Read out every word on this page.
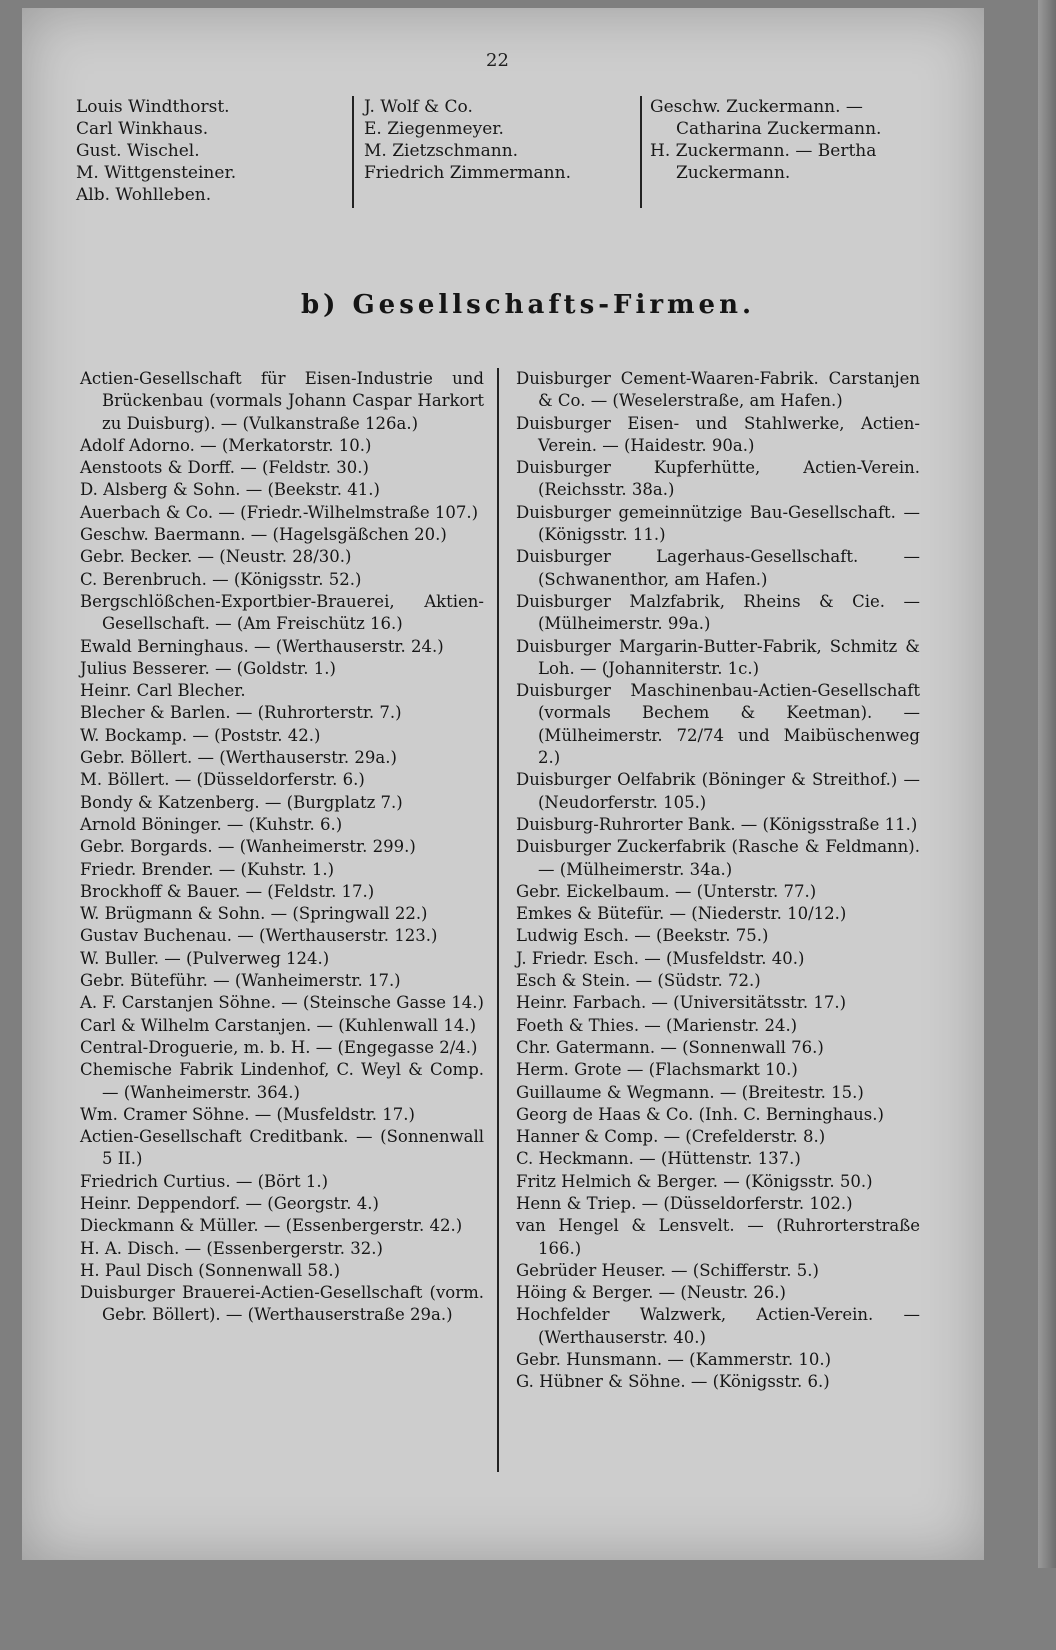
22
Louis Windthorst.
Carl Winkhaus.
Gust. Wischel.
M. Wittgensteiner.
Alb. Wohlleben.
J. Wolf & Co.
E. Ziegenmeyer.
M. Zietzschmann.
Friedrich Zimmermann.
Geschw. Zuckermann. —
Catharina Zuckermann.
H. Zuckermann. — Bertha
Zuckermann.
b) Gesellschafts-Firmen.
Actien-Gesellschaft für Eisen-Industrie und Brückenbau (vormals Johann Caspar Harkort zu Duisburg). — (Vulkanstraße 126a.)
Adolf Adorno. — (Merkatorstr. 10.)
Aenstoots & Dorff. — (Feldstr. 30.)
D. Alsberg & Sohn. — (Beekstr. 41.)
Auerbach & Co. — (Friedr.-Wilhelmstraße 107.)
Geschw. Baermann. — (Hagelsgäßchen 20.)
Gebr. Becker. — (Neustr. 28/30.)
C. Berenbruch. — (Königsstr. 52.)
Bergschlößchen-Exportbier-Brauerei, Aktien-Gesellschaft. — (Am Freischütz 16.)
Ewald Berninghaus. — (Werthauserstr. 24.)
Julius Besserer. — (Goldstr. 1.)
Heinr. Carl Blecher.
Blecher & Barlen. — (Ruhrorterstr. 7.)
W. Bockamp. — (Poststr. 42.)
Gebr. Böllert. — (Werthauserstr. 29a.)
M. Böllert. — (Düsseldorferstr. 6.)
Bondy & Katzenberg. — (Burgplatz 7.)
Arnold Böninger. — (Kuhstr. 6.)
Gebr. Borgards. — (Wanheimerstr. 299.)
Friedr. Brender. — (Kuhstr. 1.)
Brockhoff & Bauer. — (Feldstr. 17.)
W. Brügmann & Sohn. — (Springwall 22.)
Gustav Buchenau. — (Werthauserstr. 123.)
W. Buller. — (Pulverweg 124.)
Gebr. Büteführ. — (Wanheimerstr. 17.)
A. F. Carstanjen Söhne. — (Steinsche Gasse 14.)
Carl & Wilhelm Carstanjen. — (Kuhlenwall 14.)
Central-Droguerie, m. b. H. — (Engegasse 2/4.)
Chemische Fabrik Lindenhof, C. Weyl & Comp. — (Wanheimerstr. 364.)
Wm. Cramer Söhne. — (Musfeldstr. 17.)
Actien-Gesellschaft Creditbank. — (Sonnenwall 5 II.)
Friedrich Curtius. — (Bört 1.)
Heinr. Deppendorf. — (Georgstr. 4.)
Dieckmann & Müller. — (Essenbergerstr. 42.)
H. A. Disch. — (Essenbergerstr. 32.)
H. Paul Disch (Sonnenwall 58.)
Duisburger Brauerei-Actien-Gesellschaft (vorm. Gebr. Böllert). — (Werthauserstraße 29a.)
Duisburger Cement-Waaren-Fabrik. Carstanjen & Co. — (Weselerstraße, am Hafen.)
Duisburger Eisen- und Stahlwerke, Actien-Verein. — (Haidestr. 90a.)
Duisburger Kupferhütte, Actien-Verein. (Reichsstr. 38a.)
Duisburger gemeinnützige Bau-Gesellschaft. — (Königsstr. 11.)
Duisburger Lagerhaus-Gesellschaft. — (Schwanenthor, am Hafen.)
Duisburger Malzfabrik, Rheins & Cie. — (Mülheimerstr. 99a.)
Duisburger Margarin-Butter-Fabrik, Schmitz & Loh. — (Johanniterstr. 1c.)
Duisburger Maschinenbau-Actien-Gesellschaft (vormals Bechem & Keetman). — (Mülheimerstr. 72/74 und Maibüschenweg 2.)
Duisburger Oelfabrik (Böninger & Streithof.) — (Neudorferstr. 105.)
Duisburg-Ruhrorter Bank. — (Königsstraße 11.)
Duisburger Zuckerfabrik (Rasche & Feldmann). — (Mülheimerstr. 34a.)
Gebr. Eickelbaum. — (Unterstr. 77.)
Emkes & Bütefür. — (Niederstr. 10/12.)
Ludwig Esch. — (Beekstr. 75.)
J. Friedr. Esch. — (Musfeldstr. 40.)
Esch & Stein. — (Südstr. 72.)
Heinr. Farbach. — (Universitätsstr. 17.)
Foeth & Thies. — (Marienstr. 24.)
Chr. Gatermann. — (Sonnenwall 76.)
Herm. Grote — (Flachsmarkt 10.)
Guillaume & Wegmann. — (Breitestr. 15.)
Georg de Haas & Co. (Inh. C. Berninghaus.)
Hanner & Comp. — (Crefelderstr. 8.)
C. Heckmann. — (Hüttenstr. 137.)
Fritz Helmich & Berger. — (Königsstr. 50.)
Henn & Triep. — (Düsseldorferstr. 102.)
van Hengel & Lensvelt. — (Ruhrorterstraße 166.)
Gebrüder Heuser. — (Schifferstr. 5.)
Höing & Berger. — (Neustr. 26.)
Hochfelder Walzwerk, Actien-Verein. — (Werthauserstr. 40.)
Gebr. Hunsmann. — (Kammerstr. 10.)
G. Hübner & Söhne. — (Königsstr. 6.)
